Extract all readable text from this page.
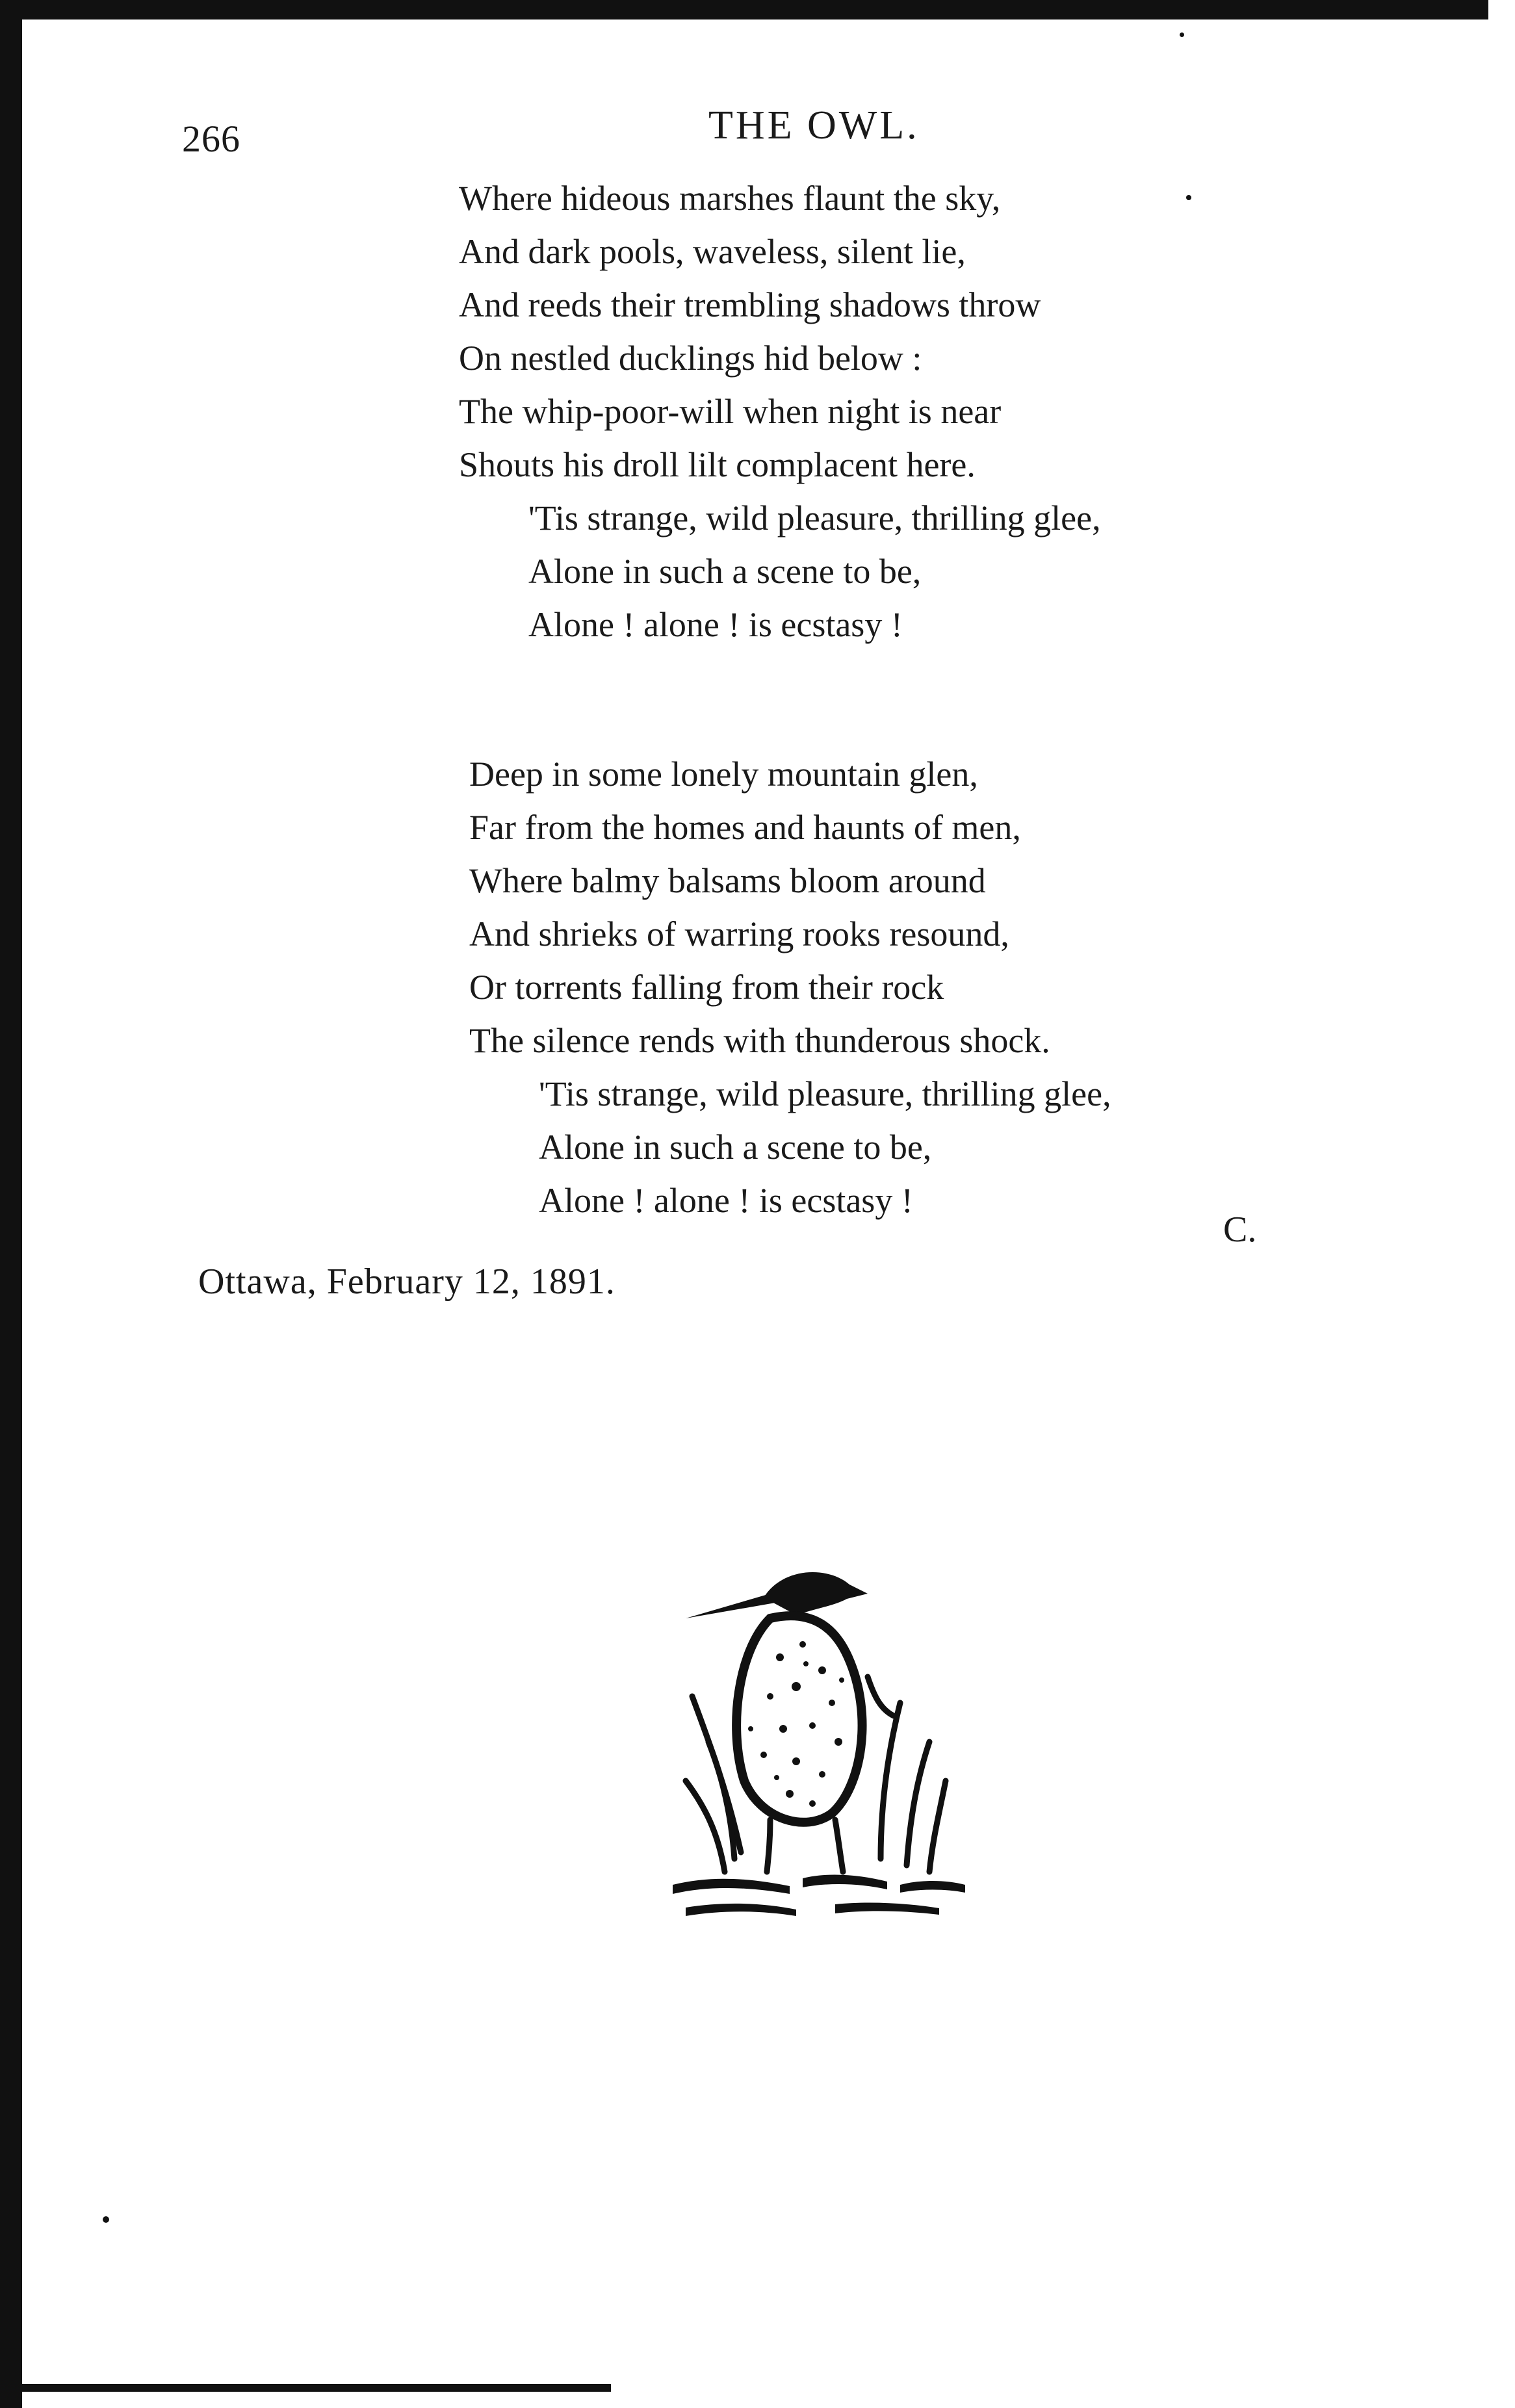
266	THE OWL.
Where hideous marshes flaunt the sky,
And dark pools, waveless, silent lie,
And reeds their trembling shadows throw
On nestled ducklings hid below :
The whip-poor-will when night is near
Shouts his droll lilt complacent here.
'Tis strange, wild pleasure, thrilling glee,
Alone in such a scene to be,
Alone ! alone ! is ecstasy !
Deep in some lonely mountain glen,
Far from the homes and haunts of men,
Where balmy balsams bloom around
And shrieks of warring rooks resound,
Or torrents falling from their rock
The silence rends with thunderous shock.
'Tis strange, wild pleasure, thrilling glee,
Alone in such a scene to be,
Alone ! alone ! is ecstasy !
C.
Ottawa, February 12, 1891.
